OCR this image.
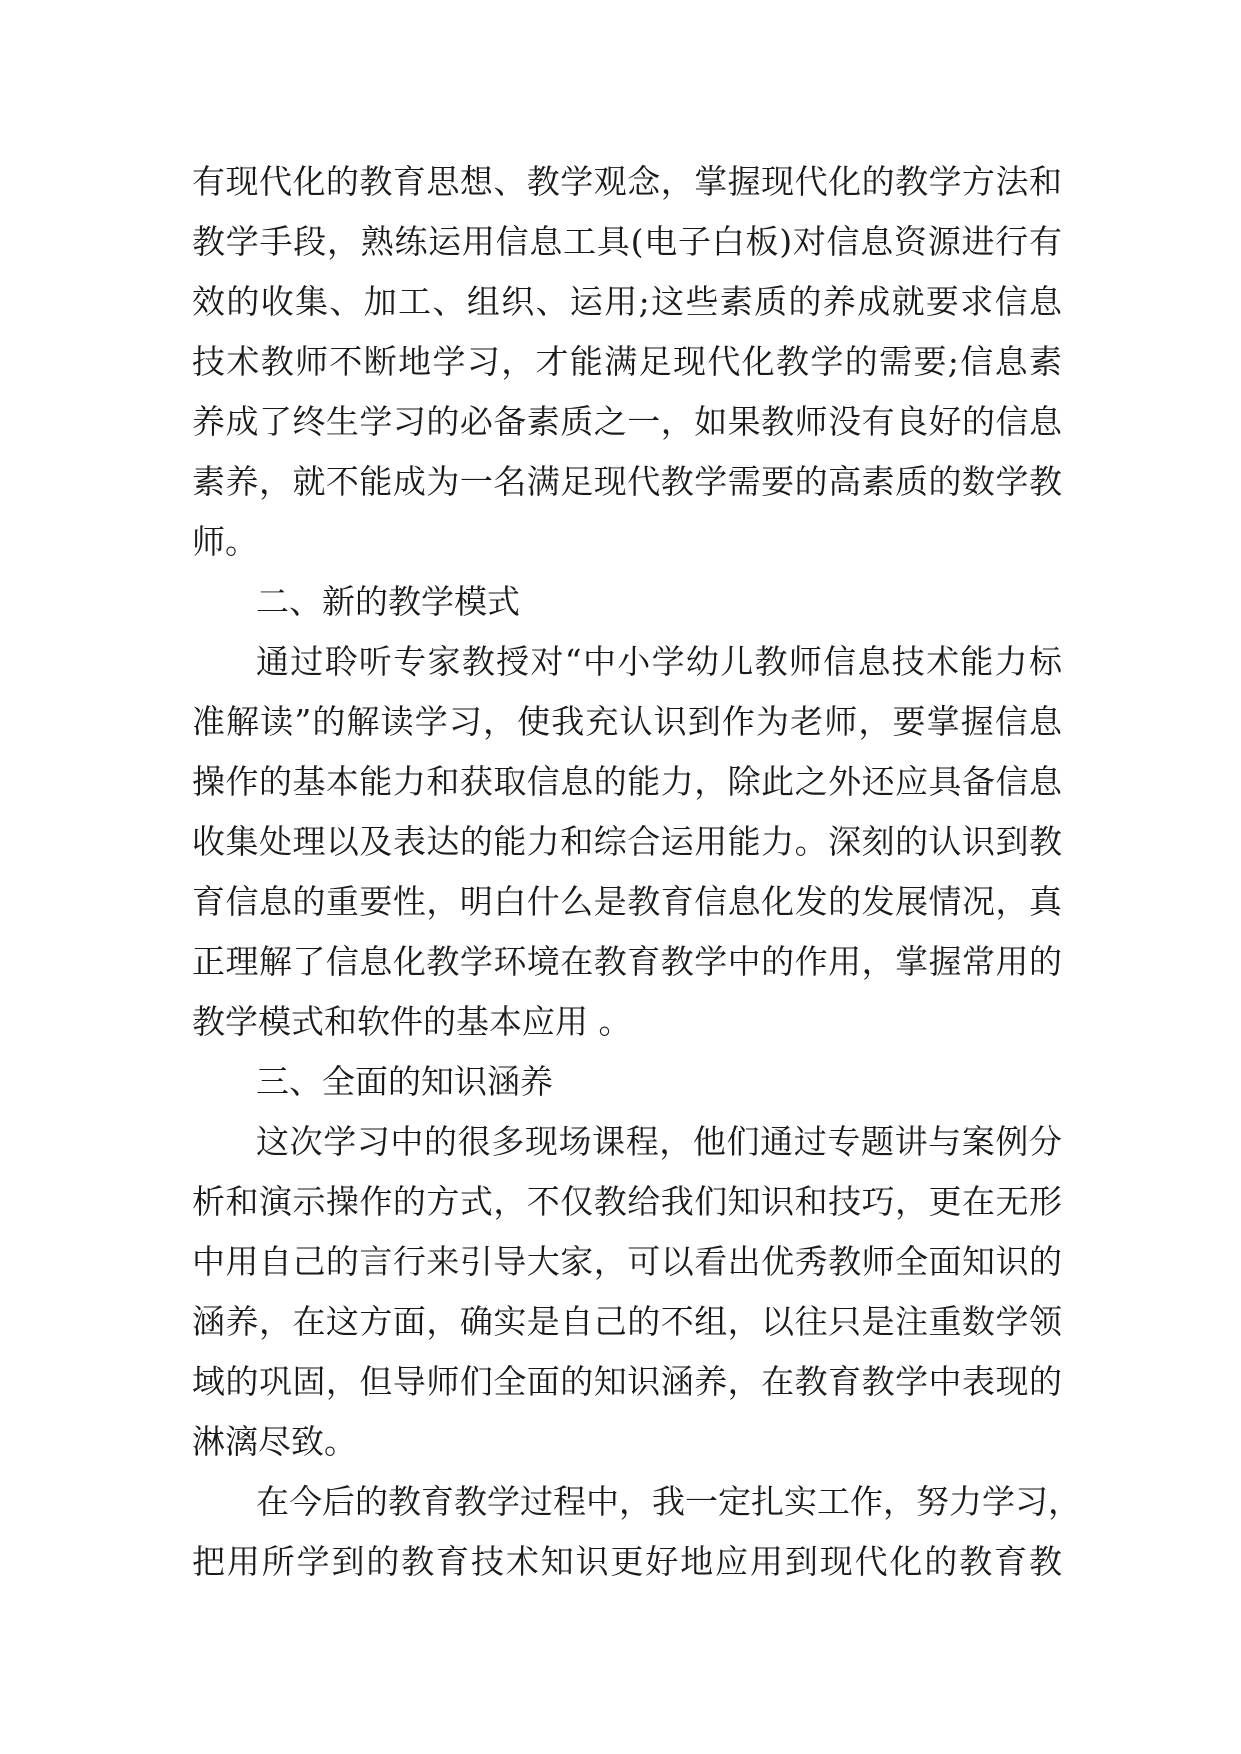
有现代化的教育思想、教学观念，掌握现代化的教学方法和
教学手段，熟练运用信息工具(电子白板)对信息资源进行有
效的收集、加工、组织、运用;这些素质的养成就要求信息
技术教师不断地学习，才能满足现代化教学的需要;信息素
养成了终生学习的必备素质之一，如果教师没有良好的信息
素养，就不能成为一名满足现代教学需要的高素质的数学教
师。
二、新的教学模式
通过聆听专家教授对“中小学幼儿教师信息技术能力标
准解读”的解读学习，使我充认识到作为老师，要掌握信息
操作的基本能力和获取信息的能力，除此之外还应具备信息
收集处理以及表达的能力和综合运用能力。深刻的认识到教
育信息的重要性，明白什么是教育信息化发的发展情况，真
正理解了信息化教学环境在教育教学中的作用，掌握常用的
教学模式和软件的基本应用 。
三、全面的知识涵养
这次学习中的很多现场课程，他们通过专题讲与案例分
析和演示操作的方式，不仅教给我们知识和技巧，更在无形
中用自己的言行来引导大家，可以看出优秀教师全面知识的
涵养，在这方面，确实是自己的不组，以往只是注重数学领
域的巩固，但导师们全面的知识涵养，在教育教学中表现的
淋漓尽致。
在今后的教育教学过程中，我一定扎实工作，努力学习，
把用所学到的教育技术知识更好地应用到现代化的教育教
